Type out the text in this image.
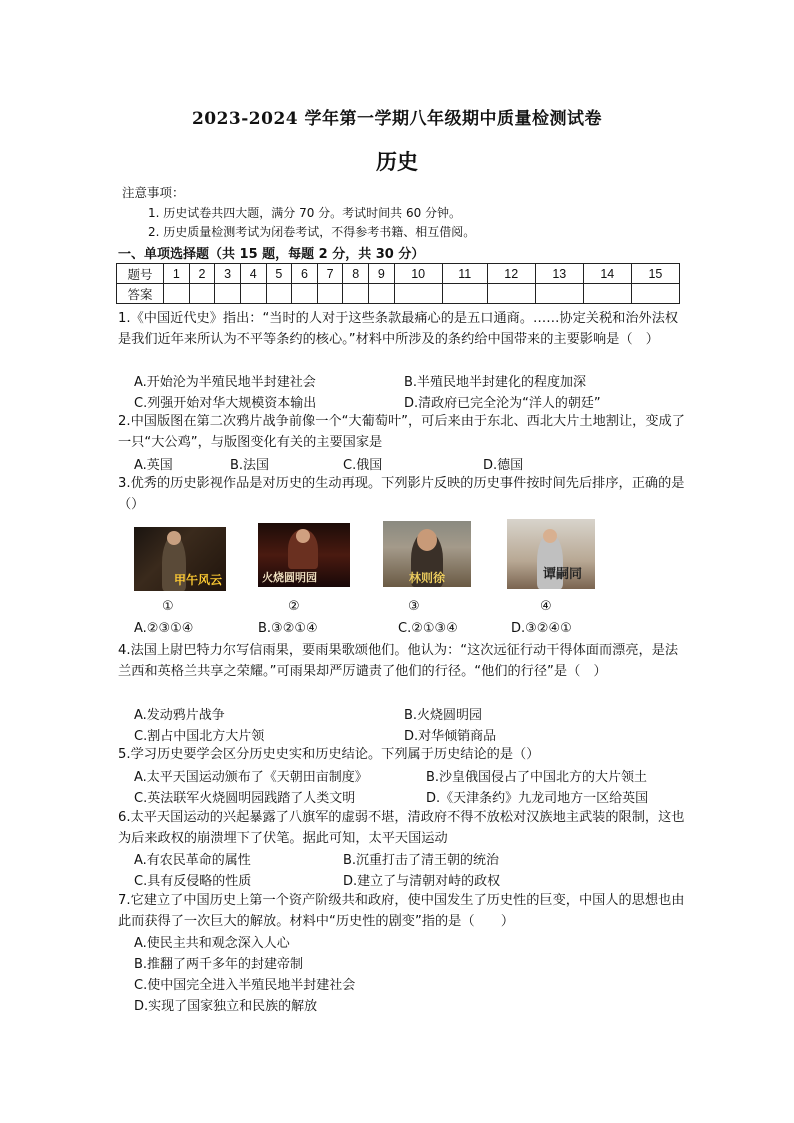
2023-2024 学年第一学期八年级期中质量检测试卷
历史
注意事项：
1. 历史试卷共四大题，满分 70 分。考试时间共 60 分钟。
2. 历史质量检测考试为闭卷考试，不得参考书籍、相互借阅。
一、单项选择题（共 15 题，每题 2 分，共 30 分）
题号	1	2	3	4	5	6	7	8	9	10	11	12	13	14	15
答案															
1.《中国近代史》指出：“当时的人对于这些条款最痛心的是五口通商。……协定关税和治外法权是我们近年来所认为不平等条约的核心。”材料中所涉及的条约给中国带来的主要影响是（　）
A.开始沦为半殖民地半封建社会	B.半殖民地半封建化的程度加深
C.列强开始对华大规模资本输出	D.清政府已完全沦为“洋人的朝廷”
2.中国版图在第二次鸦片战争前像一个“大葡萄叶”，可后来由于东北、西北大片土地割让，变成了一只“大公鸡”，与版图变化有关的主要国家是
A.英国	B.法国	C.俄国	D.德国
3.优秀的历史影视作品是对历史的生动再现。下列影片反映的历史事件按时间先后排序，正确的是（）
甲午风云	火烧圆明园	林则徐	谭嗣同
①	②	③	④
A.②③①④	B.③②①④	C.②①③④	D.③②④①
4.法国上尉巴特力尔写信雨果，要雨果歌颂他们。他认为：“这次远征行动干得体面而漂亮，是法兰西和英格兰共享之荣耀。”可雨果却严厉谴责了他们的行径。“他们的行径”是（　）
A.发动鸦片战争	B.火烧圆明园
C.割占中国北方大片领	D.对华倾销商品
5.学习历史要学会区分历史史实和历史结论。下列属于历史结论的是（）
A.太平天国运动颁布了《天朝田亩制度》	B.沙皇俄国侵占了中国北方的大片领土
C.英法联军火烧圆明园践踏了人类文明	D.《天津条约》九龙司地方一区给英国
6.太平天国运动的兴起暴露了八旗军的虚弱不堪，清政府不得不放松对汉族地主武装的限制，这也为后来政权的崩溃埋下了伏笔。据此可知，太平天国运动
A.有农民革命的属性	B.沉重打击了清王朝的统治
C.具有反侵略的性质	D.建立了与清朝对峙的政权
7.它建立了中国历史上第一个资产阶级共和政府，使中国发生了历史性的巨变，中国人的思想也由此而获得了一次巨大的解放。材料中“历史性的剧变”指的是（　　）
A.使民主共和观念深入人心
B.推翻了两千多年的封建帝制
C.使中国完全进入半殖民地半封建社会
D.实现了国家独立和民族的解放
